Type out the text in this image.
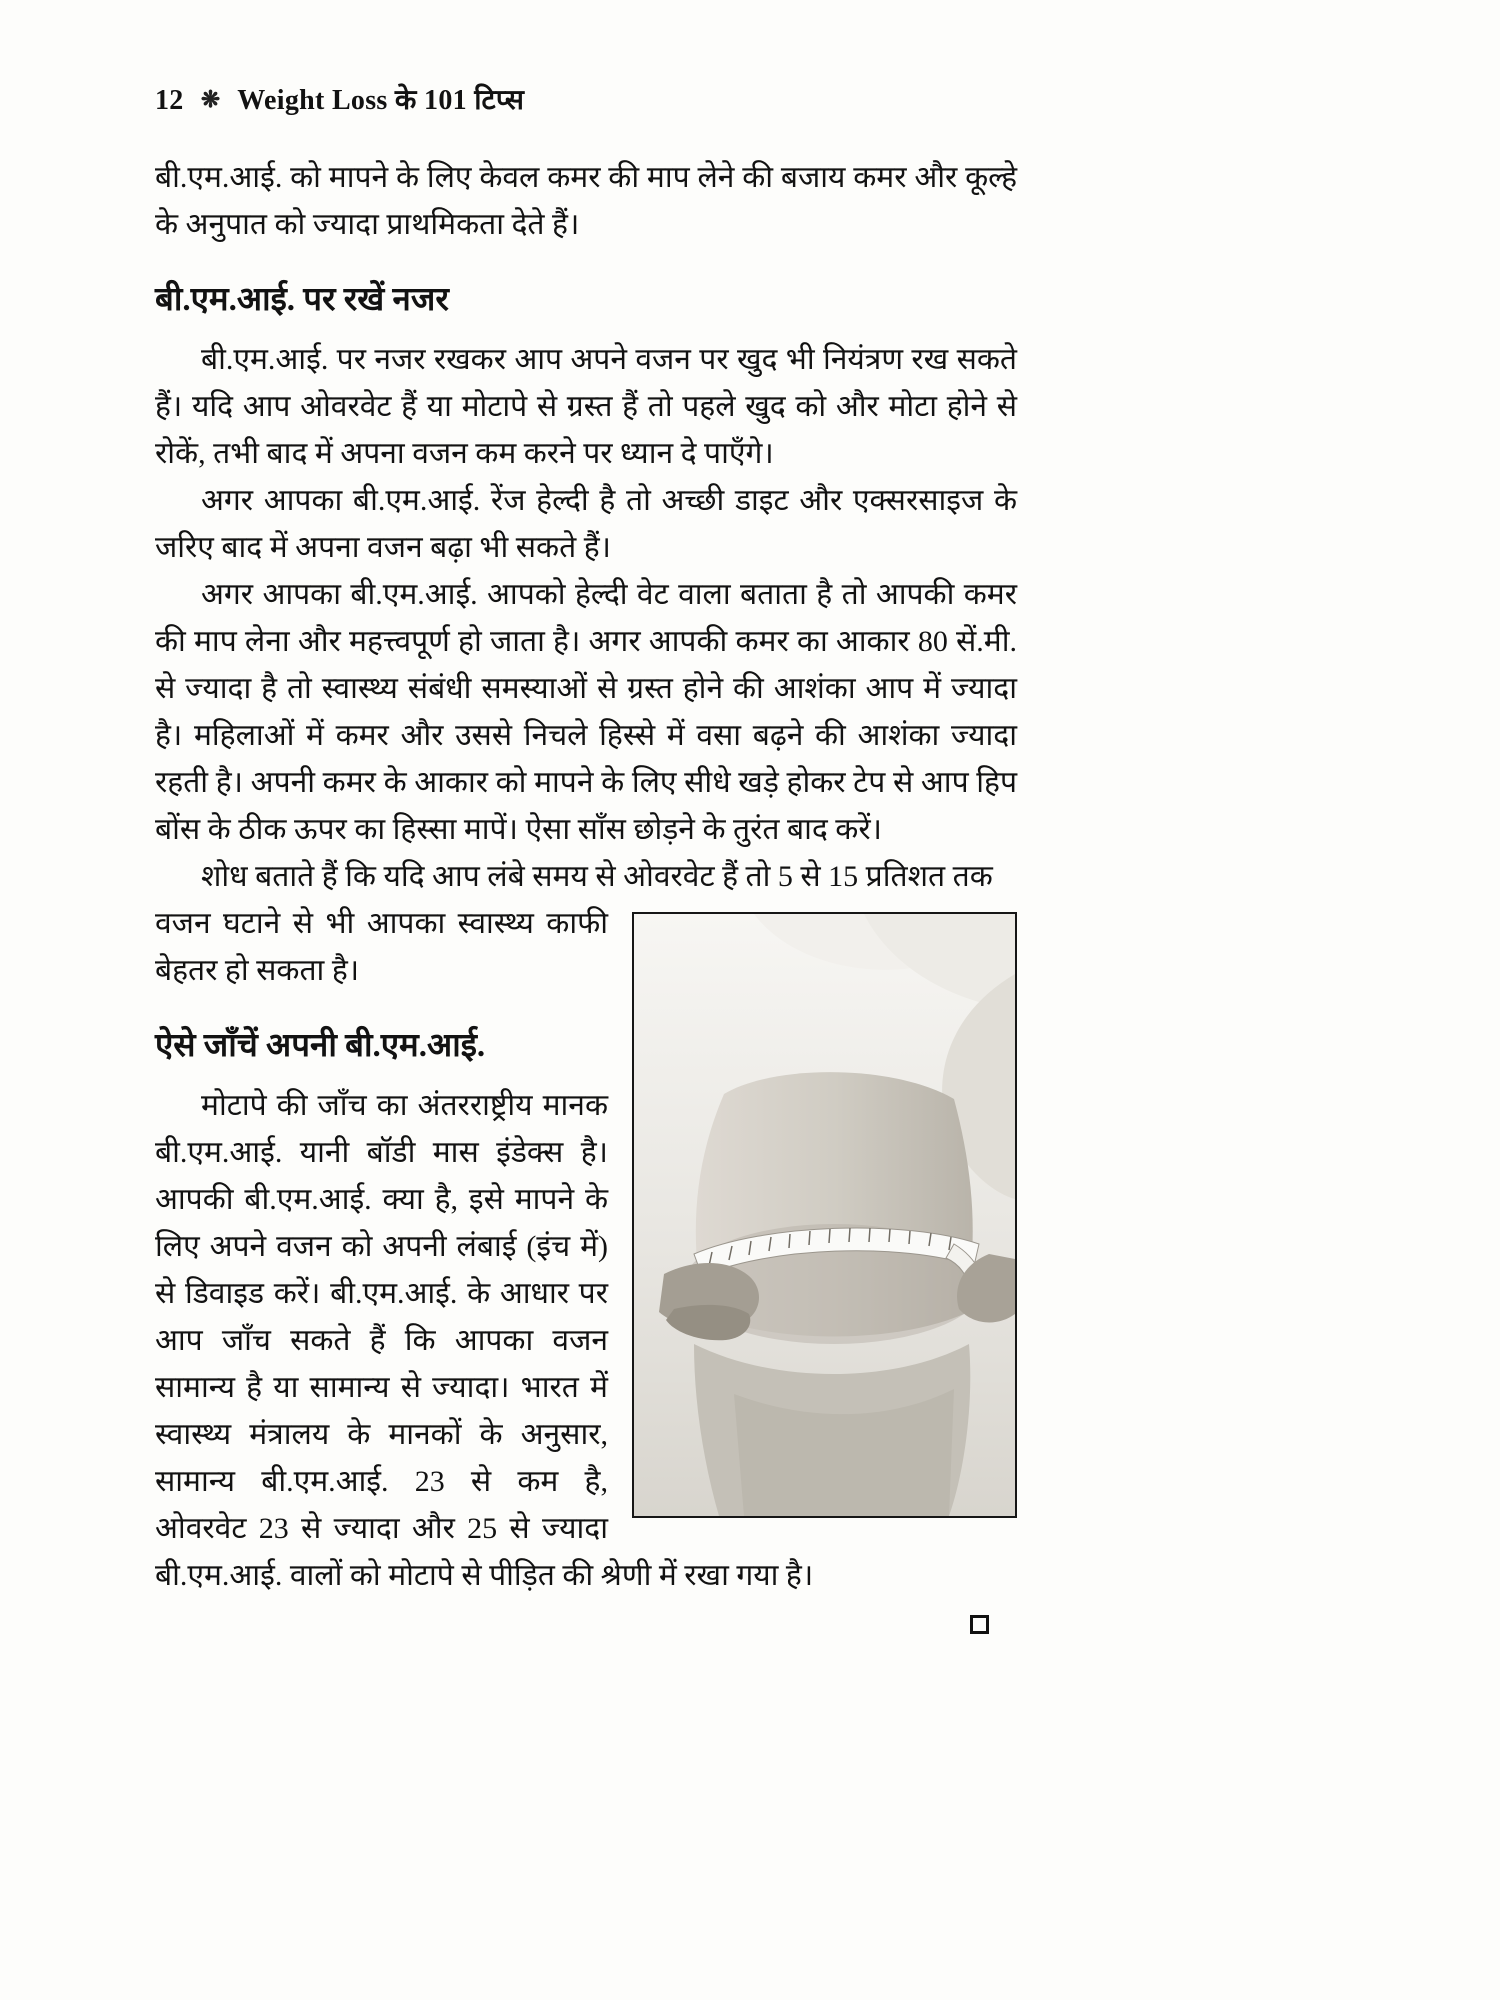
12 ❋ Weight Loss के 101 टिप्स

बी.एम.आई. को मापने के लिए केवल कमर की माप लेने की बजाय कमर और कूल्हे के अनुपात को ज्यादा प्राथमिकता देते हैं।

बी.एम.आई. पर रखें नजर

बी.एम.आई. पर नजर रखकर आप अपने वजन पर खुद भी नियंत्रण रख सकते हैं। यदि आप ओवरवेट हैं या मोटापे से ग्रस्त हैं तो पहले खुद को और मोटा होने से रोकें, तभी बाद में अपना वजन कम करने पर ध्यान दे पाएँगे।

अगर आपका बी.एम.आई. रेंज हेल्दी है तो अच्छी डाइट और एक्सरसाइज के जरिए बाद में अपना वजन बढ़ा भी सकते हैं।

अगर आपका बी.एम.आई. आपको हेल्दी वेट वाला बताता है तो आपकी कमर की माप लेना और महत्त्वपूर्ण हो जाता है। अगर आपकी कमर का आकार 80 सें.मी. से ज्यादा है तो स्वास्थ्य संबंधी समस्याओं से ग्रस्त होने की आशंका आप में ज्यादा है। महिलाओं में कमर और उससे निचले हिस्से में वसा बढ़ने की आशंका ज्यादा रहती है। अपनी कमर के आकार को मापने के लिए सीधे खड़े होकर टेप से आप हिप बोंस के ठीक ऊपर का हिस्सा मापें। ऐसा साँस छोड़ने के तुरंत बाद करें।

शोध बताते हैं कि यदि आप लंबे समय से ओवरवेट हैं तो 5 से 15 प्रतिशत तक

वजन घटाने से भी आपका स्वास्थ्य काफी बेहतर हो सकता है।

ऐसे जाँचें अपनी बी.एम.आई.

मोटापे की जाँच का अंतरराष्ट्रीय मानक बी.एम.आई. यानी बॉडी मास इंडेक्स है। आपकी बी.एम.आई. क्या है, इसे मापने के लिए अपने वजन को अपनी लंबाई (इंच में) से डिवाइड करें। बी.एम.आई. के आधार पर आप जाँच सकते हैं कि आपका वजन सामान्य है या सामान्य से ज्यादा। भारत में स्वास्थ्य मंत्रालय के मानकों के अनुसार, सामान्य बी.एम.आई. 23 से कम है, ओवरवेट 23 से ज्यादा और 25 से ज्यादा बी.एम.आई. वालों को मोटापे से पीड़ित की श्रेणी में रखा गया है।
